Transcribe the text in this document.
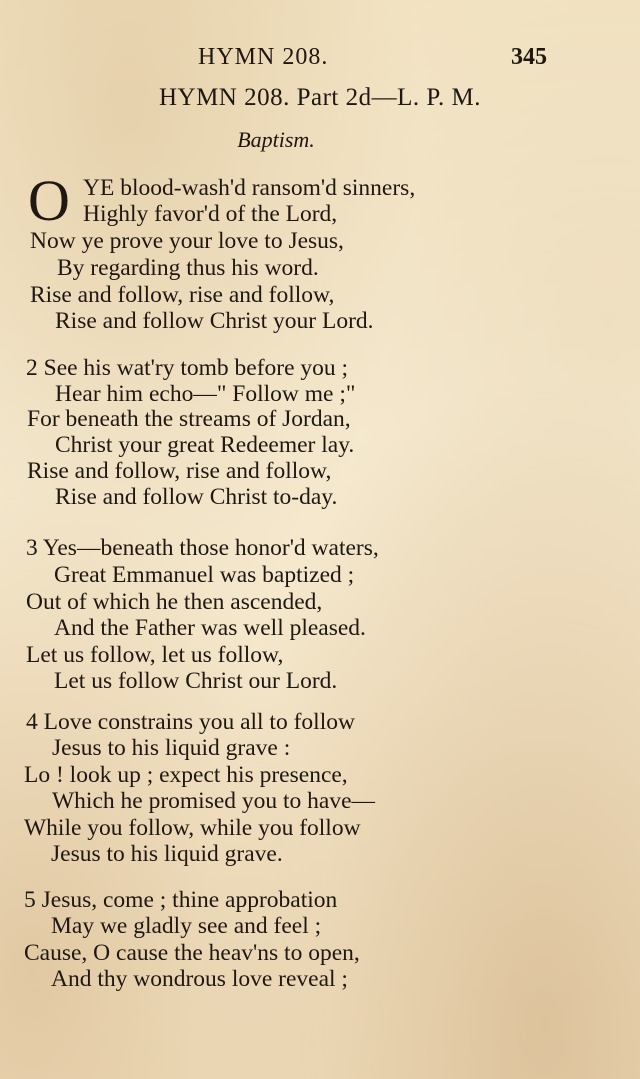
HYMN 208.	345
HYMN 208. Part 2d—L. P. M.
Baptism.
O YE blood-wash'd ransom'd sinners,
Highly favor'd of the Lord,
Now ye prove your love to Jesus,
By regarding thus his word.
Rise and follow, rise and follow,
Rise and follow Christ your Lord.
2 See his wat'ry tomb before you ;
Hear him echo—" Follow me ;"
For beneath the streams of Jordan,
Christ your great Redeemer lay.
Rise and follow, rise and follow,
Rise and follow Christ to-day.
3 Yes—beneath those honor'd waters,
Great Emmanuel was baptized ;
Out of which he then ascended,
And the Father was well pleased.
Let us follow, let us follow,
Let us follow Christ our Lord.
4 Love constrains you all to follow
Jesus to his liquid grave :
Lo ! look up ; expect his presence,
Which he promised you to have—
While you follow, while you follow
Jesus to his liquid grave.
5 Jesus, come ; thine approbation
May we gladly see and feel ;
Cause, O cause the heav'ns to open,
And thy wondrous love reveal ;
